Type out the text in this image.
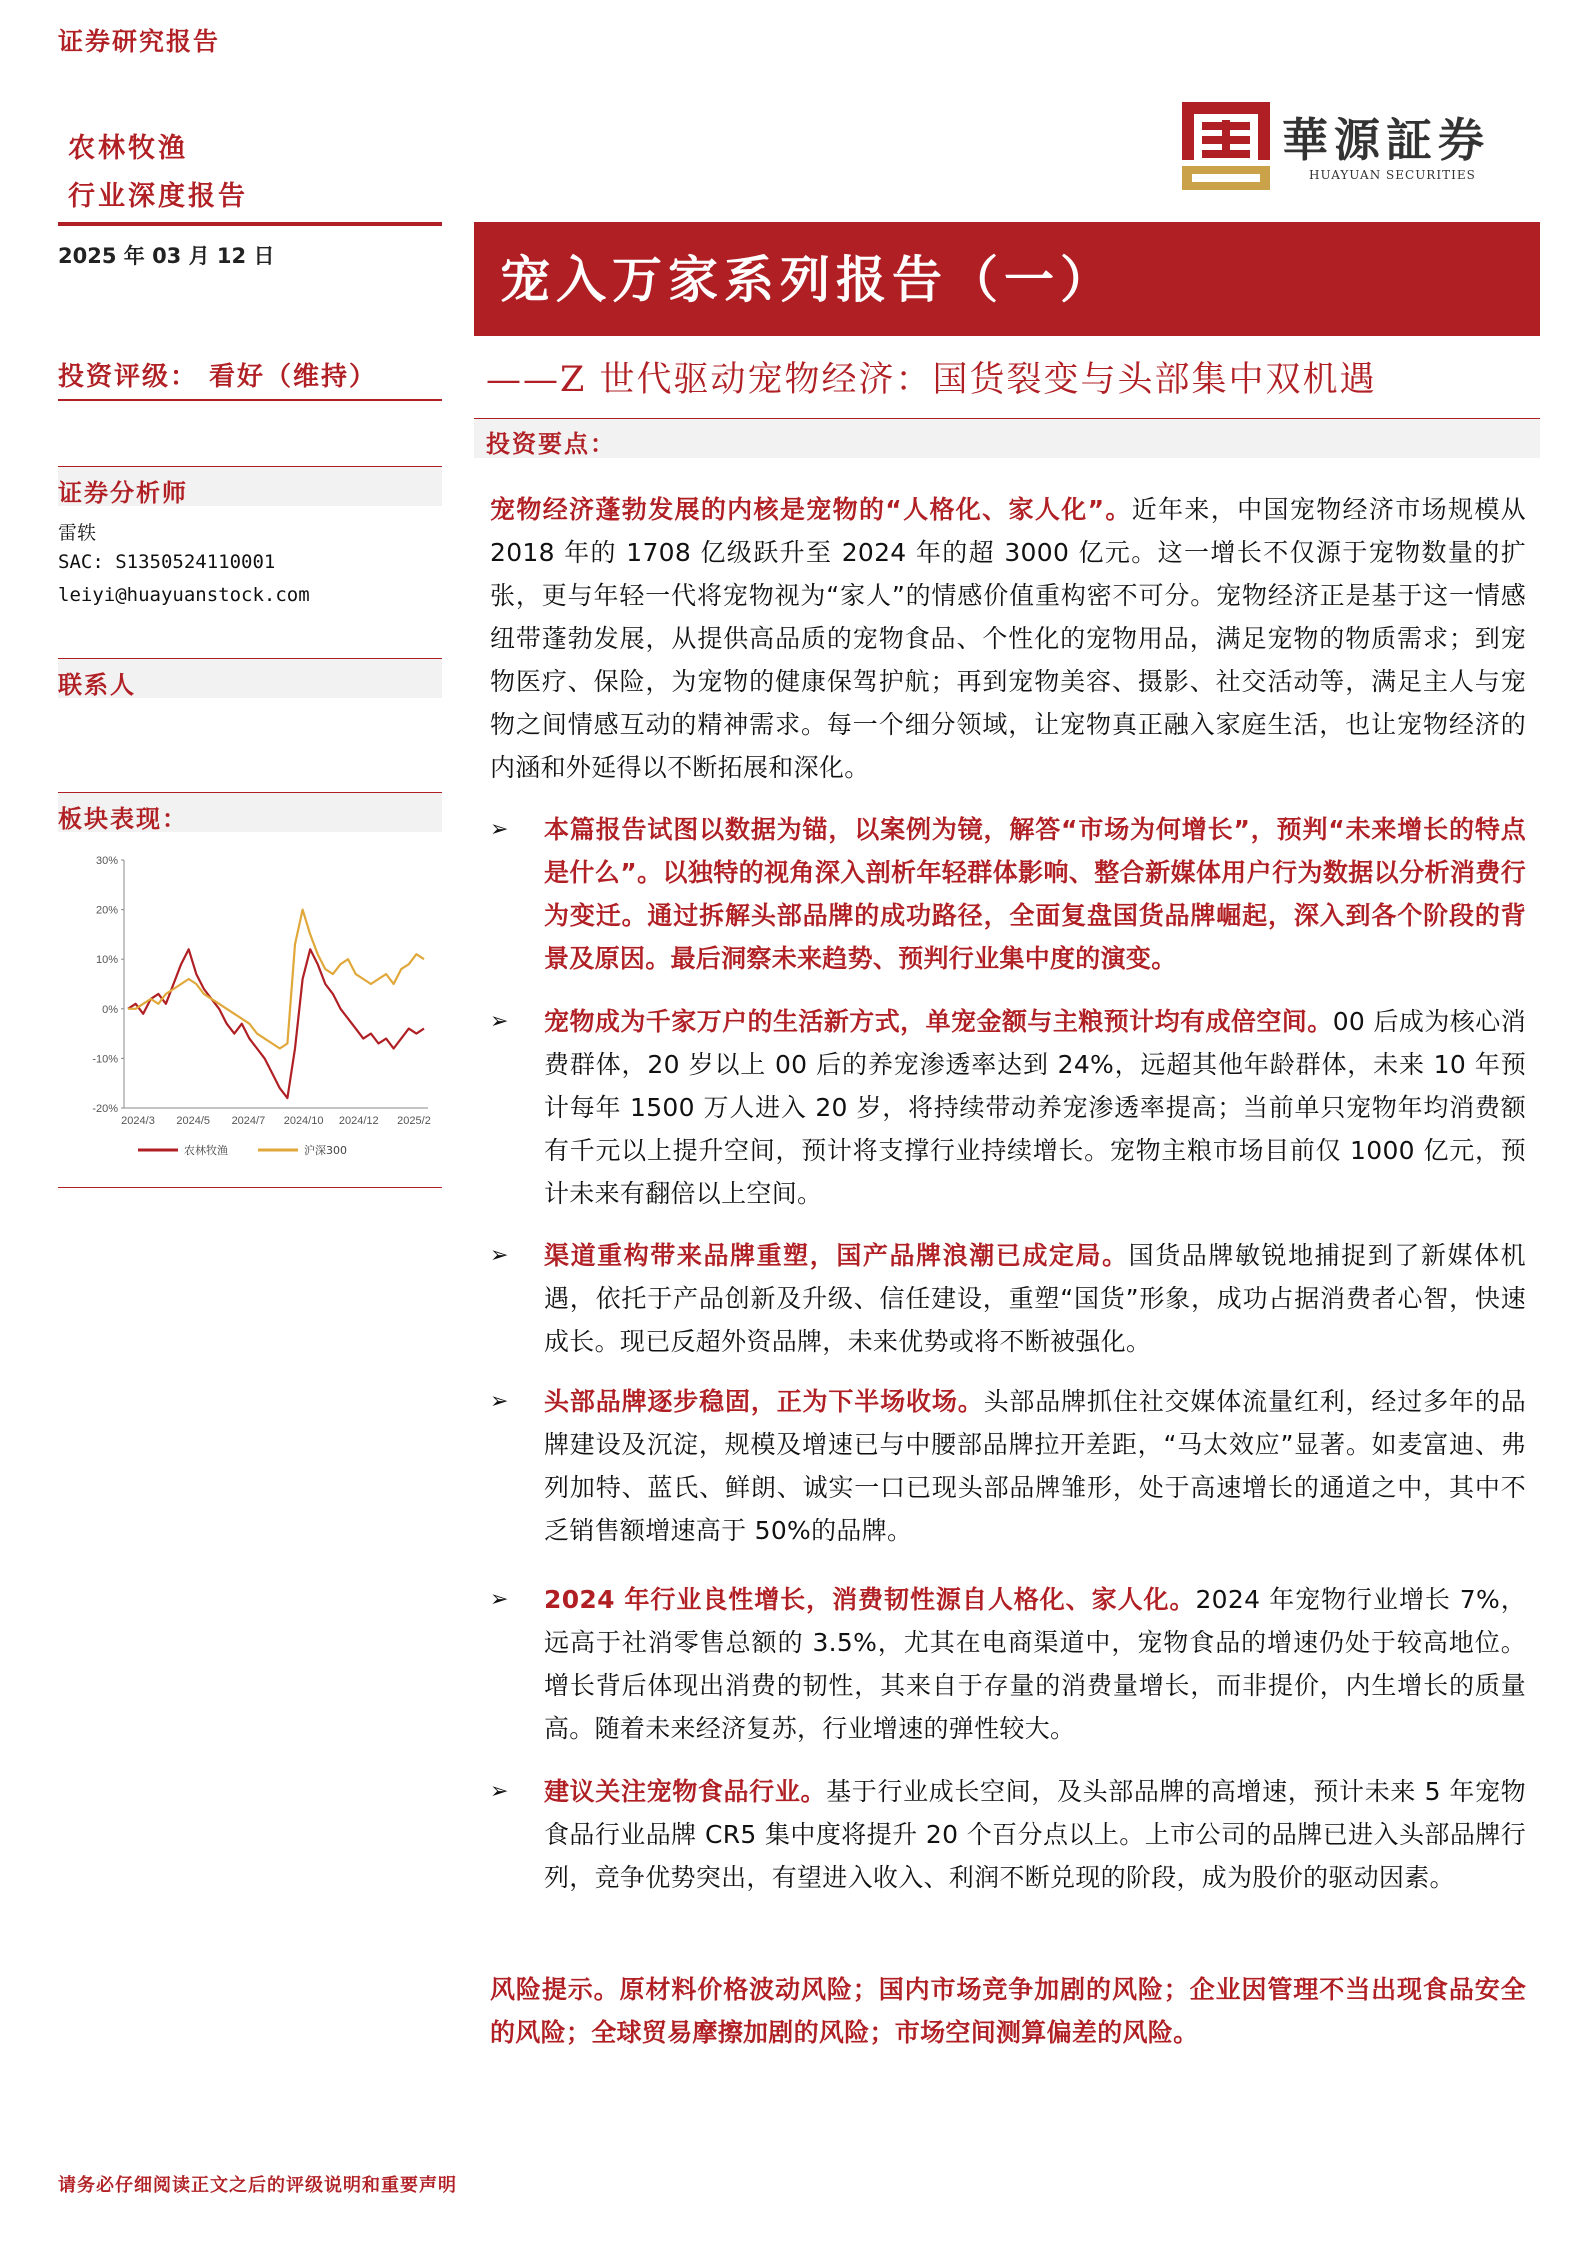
证券研究报告
农林牧渔
行业深度报告
2025 年 03 月 12 日
投资评级： 看好（维持）
華源証券
HUAYUAN SECURITIES
宠入万家系列报告（一）
——Z 世代驱动宠物经济：国货裂变与头部集中双机遇
证券分析师
雷轶
SAC: S1350524110001
leiyi@huayuanstock.com
联系人
板块表现：
30%
20%
10%
0%
-10%
-20%
2024/3 2024/5 2024/7 2024/10 2024/12 2025/2
农林牧渔	沪深300
投资要点：
宠物经济蓬勃发展的内核是宠物的“人格化、家人化”。近年来，中国宠物经济市场规模从 2018 年的 1708 亿级跃升至 2024 年的超 3000 亿元。这一增长不仅源于宠物数量的扩张，更与年轻一代将宠物视为“家人”的情感价值重构密不可分。宠物经济正是基于这一情感纽带蓬勃发展，从提供高品质的宠物食品、个性化的宠物用品，满足宠物的物质需求；到宠物医疗、保险，为宠物的健康保驾护航；再到宠物美容、摄影、社交活动等，满足主人与宠物之间情感互动的精神需求。每一个细分领域，让宠物真正融入家庭生活，也让宠物经济的内涵和外延得以不断拓展和深化。
➢ 本篇报告试图以数据为锚，以案例为镜，解答“市场为何增长”，预判“未来增长的特点是什么”。以独特的视角深入剖析年轻群体影响、整合新媒体用户行为数据以分析消费行为变迁。通过拆解头部品牌的成功路径，全面复盘国货品牌崛起，深入到各个阶段的背景及原因。最后洞察未来趋势、预判行业集中度的演变。
➢ 宠物成为千家万户的生活新方式，单宠金额与主粮预计均有成倍空间。00 后成为核心消费群体，20 岁以上 00 后的养宠渗透率达到 24%，远超其他年龄群体，未来 10 年预计每年 1500 万人进入 20 岁，将持续带动养宠渗透率提高；当前单只宠物年均消费额有千元以上提升空间，预计将支撑行业持续增长。宠物主粮市场目前仅 1000 亿元，预计未来有翻倍以上空间。
➢ 渠道重构带来品牌重塑，国产品牌浪潮已成定局。国货品牌敏锐地捕捉到了新媒体机遇，依托于产品创新及升级、信任建设，重塑“国货”形象，成功占据消费者心智，快速成长。现已反超外资品牌，未来优势或将不断被强化。
➢ 头部品牌逐步稳固，正为下半场收场。头部品牌抓住社交媒体流量红利，经过多年的品牌建设及沉淀，规模及增速已与中腰部品牌拉开差距，“马太效应”显著。如麦富迪、弗列加特、蓝氏、鲜朗、诚实一口已现头部品牌雏形，处于高速增长的通道之中，其中不乏销售额增速高于 50%的品牌。
➢ 2024 年行业良性增长，消费韧性源自人格化、家人化。2024 年宠物行业增长 7%，远高于社消零售总额的 3.5%，尤其在电商渠道中，宠物食品的增速仍处于较高地位。增长背后体现出消费的韧性，其来自于存量的消费量增长，而非提价，内生增长的质量高。随着未来经济复苏，行业增速的弹性较大。
➢ 建议关注宠物食品行业。基于行业成长空间，及头部品牌的高增速，预计未来 5 年宠物食品行业品牌 CR5 集中度将提升 20 个百分点以上。上市公司的品牌已进入头部品牌行列，竞争优势突出，有望进入收入、利润不断兑现的阶段，成为股价的驱动因素。
风险提示。原材料价格波动风险；国内市场竞争加剧的风险；企业因管理不当出现食品安全的风险；全球贸易摩擦加剧的风险；市场空间测算偏差的风险。
请务必仔细阅读正文之后的评级说明和重要声明
